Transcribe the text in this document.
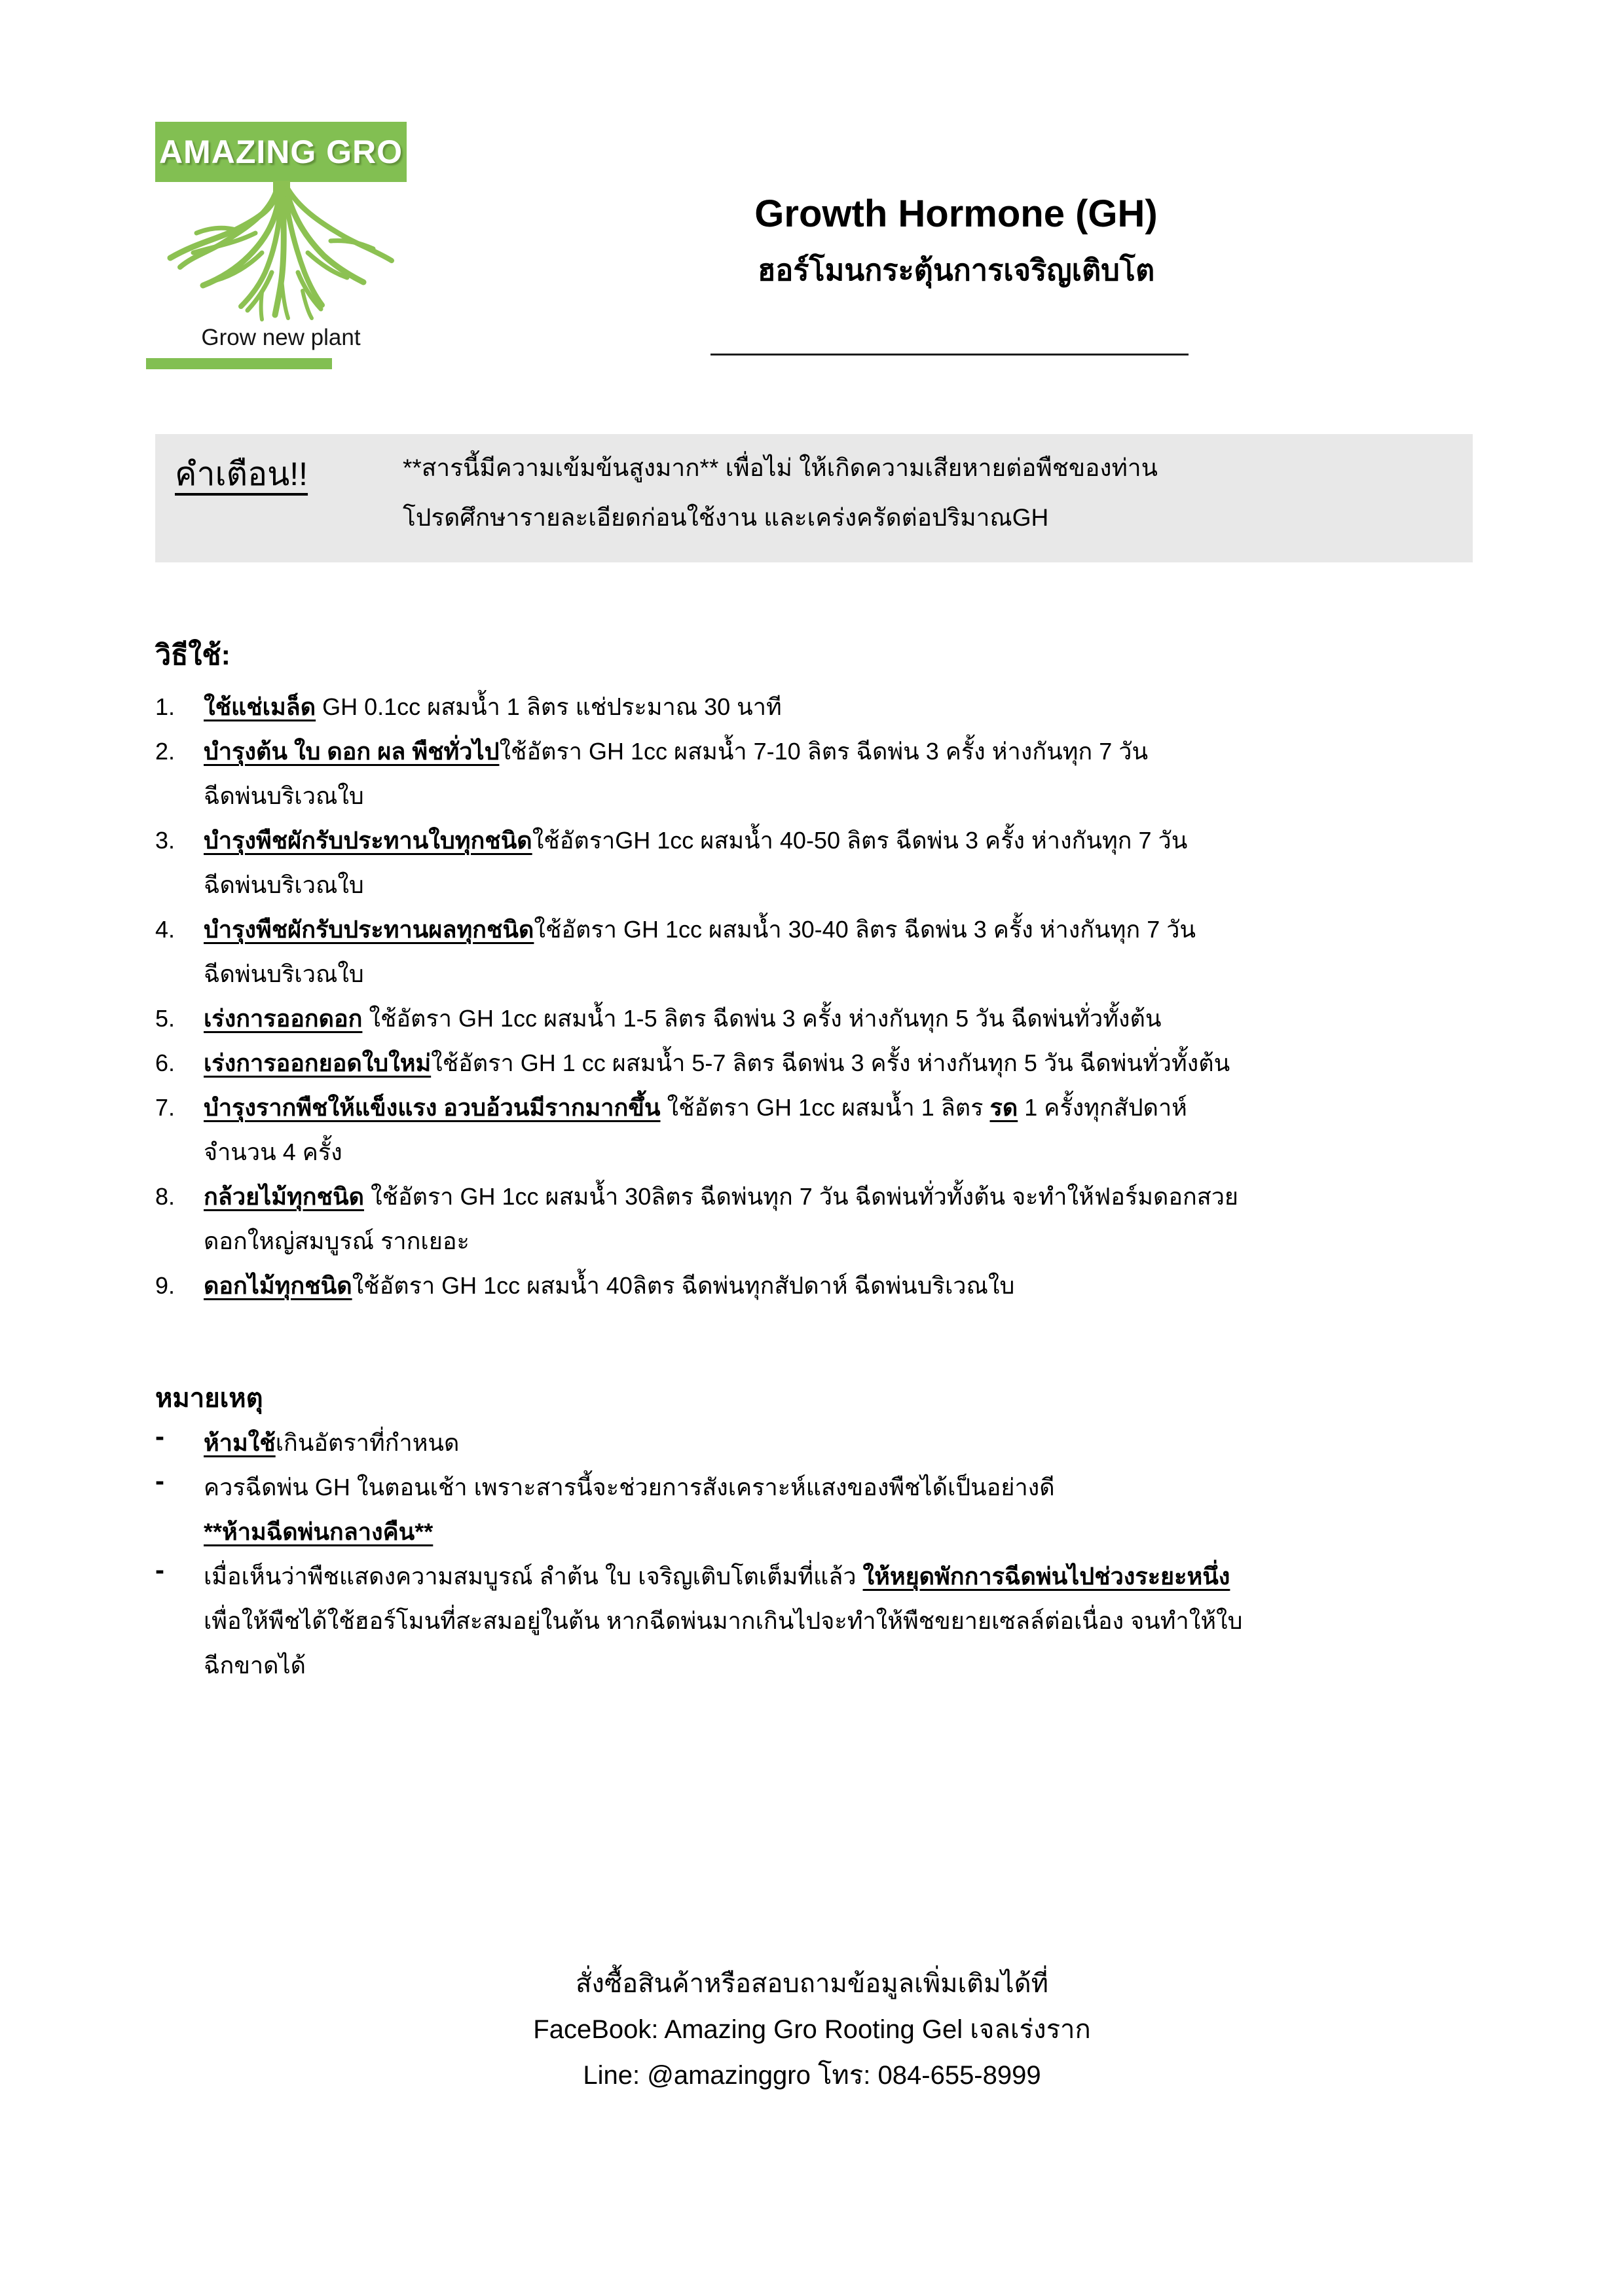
AMAZING GRO
Grow new plant
Growth Hormone (GH)
ฮอร์โมนกระตุ้นการเจริญเติบโต
คำเตือน!!	**สารนี้มีความเข้มข้นสูงมาก** เพื่อไม่ ให้เกิดความเสียหายต่อพืชของท่าน
โปรดศึกษารายละเอียดก่อนใช้งาน และเคร่งครัดต่อปริมาณGH
วิธีใช้:
1.	ใช้แช่เมล็ด GH 0.1cc ผสมน้ำ 1 ลิตร แช่ประมาณ 30 นาที
2.	บำรุงต้น ใบ ดอก ผล พืชทั่วไปใช้อัตรา GH 1cc ผสมน้ำ 7-10 ลิตร ฉีดพ่น 3 ครั้ง ห่างกันทุก 7 วัน
ฉีดพ่นบริเวณใบ
3.	บำรุงพืชผักรับประทานใบทุกชนิดใช้อัตราGH 1cc ผสมน้ำ 40-50 ลิตร ฉีดพ่น 3 ครั้ง ห่างกันทุก 7 วัน
ฉีดพ่นบริเวณใบ
4.	บำรุงพืชผักรับประทานผลทุกชนิดใช้อัตรา GH 1cc ผสมน้ำ 30-40 ลิตร ฉีดพ่น 3 ครั้ง ห่างกันทุก 7 วัน
ฉีดพ่นบริเวณใบ
5.	เร่งการออกดอก ใช้อัตรา GH 1cc ผสมน้ำ 1-5 ลิตร ฉีดพ่น 3 ครั้ง ห่างกันทุก 5 วัน ฉีดพ่นทั่วทั้งต้น
6.	เร่งการออกยอดใบใหม่ใช้อัตรา GH 1 cc ผสมน้ำ 5-7 ลิตร ฉีดพ่น 3 ครั้ง ห่างกันทุก 5 วัน ฉีดพ่นทั่วทั้งต้น
7.	บำรุงรากพืชให้แข็งแรง อวบอ้วนมีรากมากขึ้น ใช้อัตรา GH 1cc ผสมน้ำ 1 ลิตร รด 1 ครั้งทุกสัปดาห์
จำนวน 4 ครั้ง
8.	กล้วยไม้ทุกชนิด ใช้อัตรา GH 1cc ผสมน้ำ 30ลิตร ฉีดพ่นทุก 7 วัน ฉีดพ่นทั่วทั้งต้น จะทำให้ฟอร์มดอกสวย
ดอกใหญ่สมบูรณ์ รากเยอะ
9.	ดอกไม้ทุกชนิดใช้อัตรา GH 1cc ผสมน้ำ 40ลิตร ฉีดพ่นทุกสัปดาห์ ฉีดพ่นบริเวณใบ
หมายเหตุ
-	ห้ามใช้เกินอัตราที่กำหนด
-	ควรฉีดพ่น GH ในตอนเช้า เพราะสารนี้จะช่วยการสังเคราะห์แสงของพืชได้เป็นอย่างดี
**ห้ามฉีดพ่นกลางคืน**
-	เมื่อเห็นว่าพืชแสดงความสมบูรณ์ ลำต้น ใบ เจริญเติบโตเต็มที่แล้ว ให้หยุดพักการฉีดพ่นไปช่วงระยะหนึ่ง
เพื่อให้พืชได้ใช้ฮอร์โมนที่สะสมอยู่ในต้น หากฉีดพ่นมากเกินไปจะทำให้พืชขยายเซลล์ต่อเนื่อง จนทำให้ใบ
ฉีกขาดได้
สั่งซื้อสินค้าหรือสอบถามข้อมูลเพิ่มเติมได้ที่
FaceBook: Amazing Gro Rooting Gel เจลเร่งราก
Line: @amazinggro โทร: 084-655-8999
